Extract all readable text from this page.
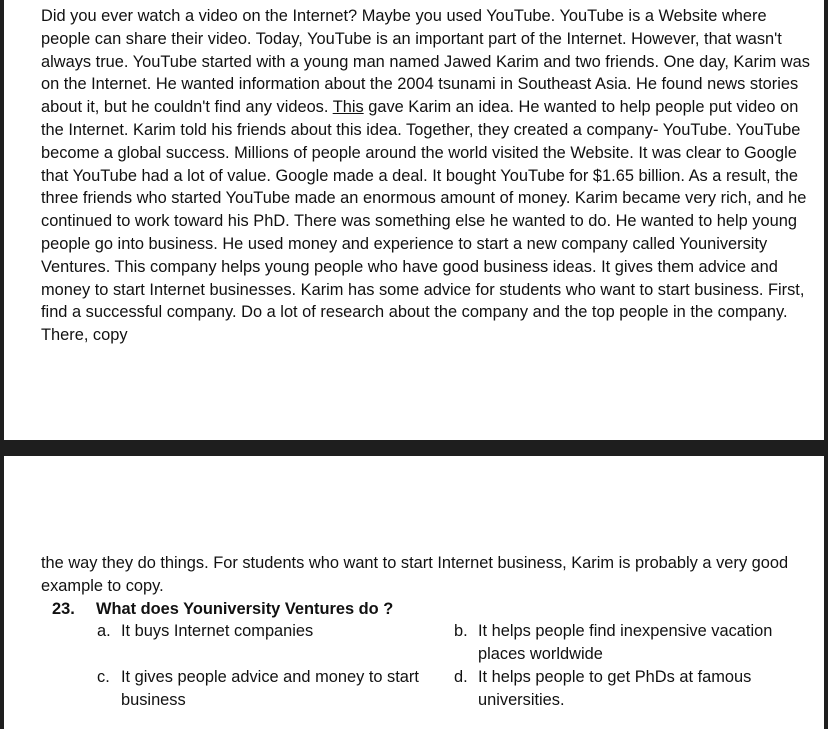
Did you ever watch a video on the Internet? Maybe you used YouTube. YouTube is a Website where people can share their video. Today, YouTube is an important part of the Internet. However, that wasn't always true. YouTube started with a young man named Jawed Karim and two friends. One day, Karim was on the Internet. He wanted information about the 2004 tsunami in Southeast Asia. He found news stories about it, but he couldn't find any videos. This gave Karim an idea. He wanted to help people put video on the Internet. Karim told his friends about this idea. Together, they created a company- YouTube. YouTube become a global success. Millions of people around the world visited the Website. It was clear to Google that YouTube had a lot of value. Google made a deal. It bought YouTube for $1.65 billion. As a result, the three friends who started YouTube made an enormous amount of money. Karim became very rich, and he continued to work toward his PhD. There was something else he wanted to do. He wanted to help young people go into business. He used money and experience to start a new company called Youniversity Ventures. This company helps young people who have good business ideas. It gives them advice and money to start Internet businesses. Karim has some advice for students who want to start business. First, find a successful company. Do a lot of research about the company and the top people in the company. There, copy

the way they do things. For students who want to start Internet business, Karim is probably a very good example to copy.

23. What does Youniversity Ventures do ?
a. It buys Internet companies	b. It helps people find inexpensive vacation places worldwide
c. It gives people advice and money to start business
d. It helps people to get PhDs at famous universities.
